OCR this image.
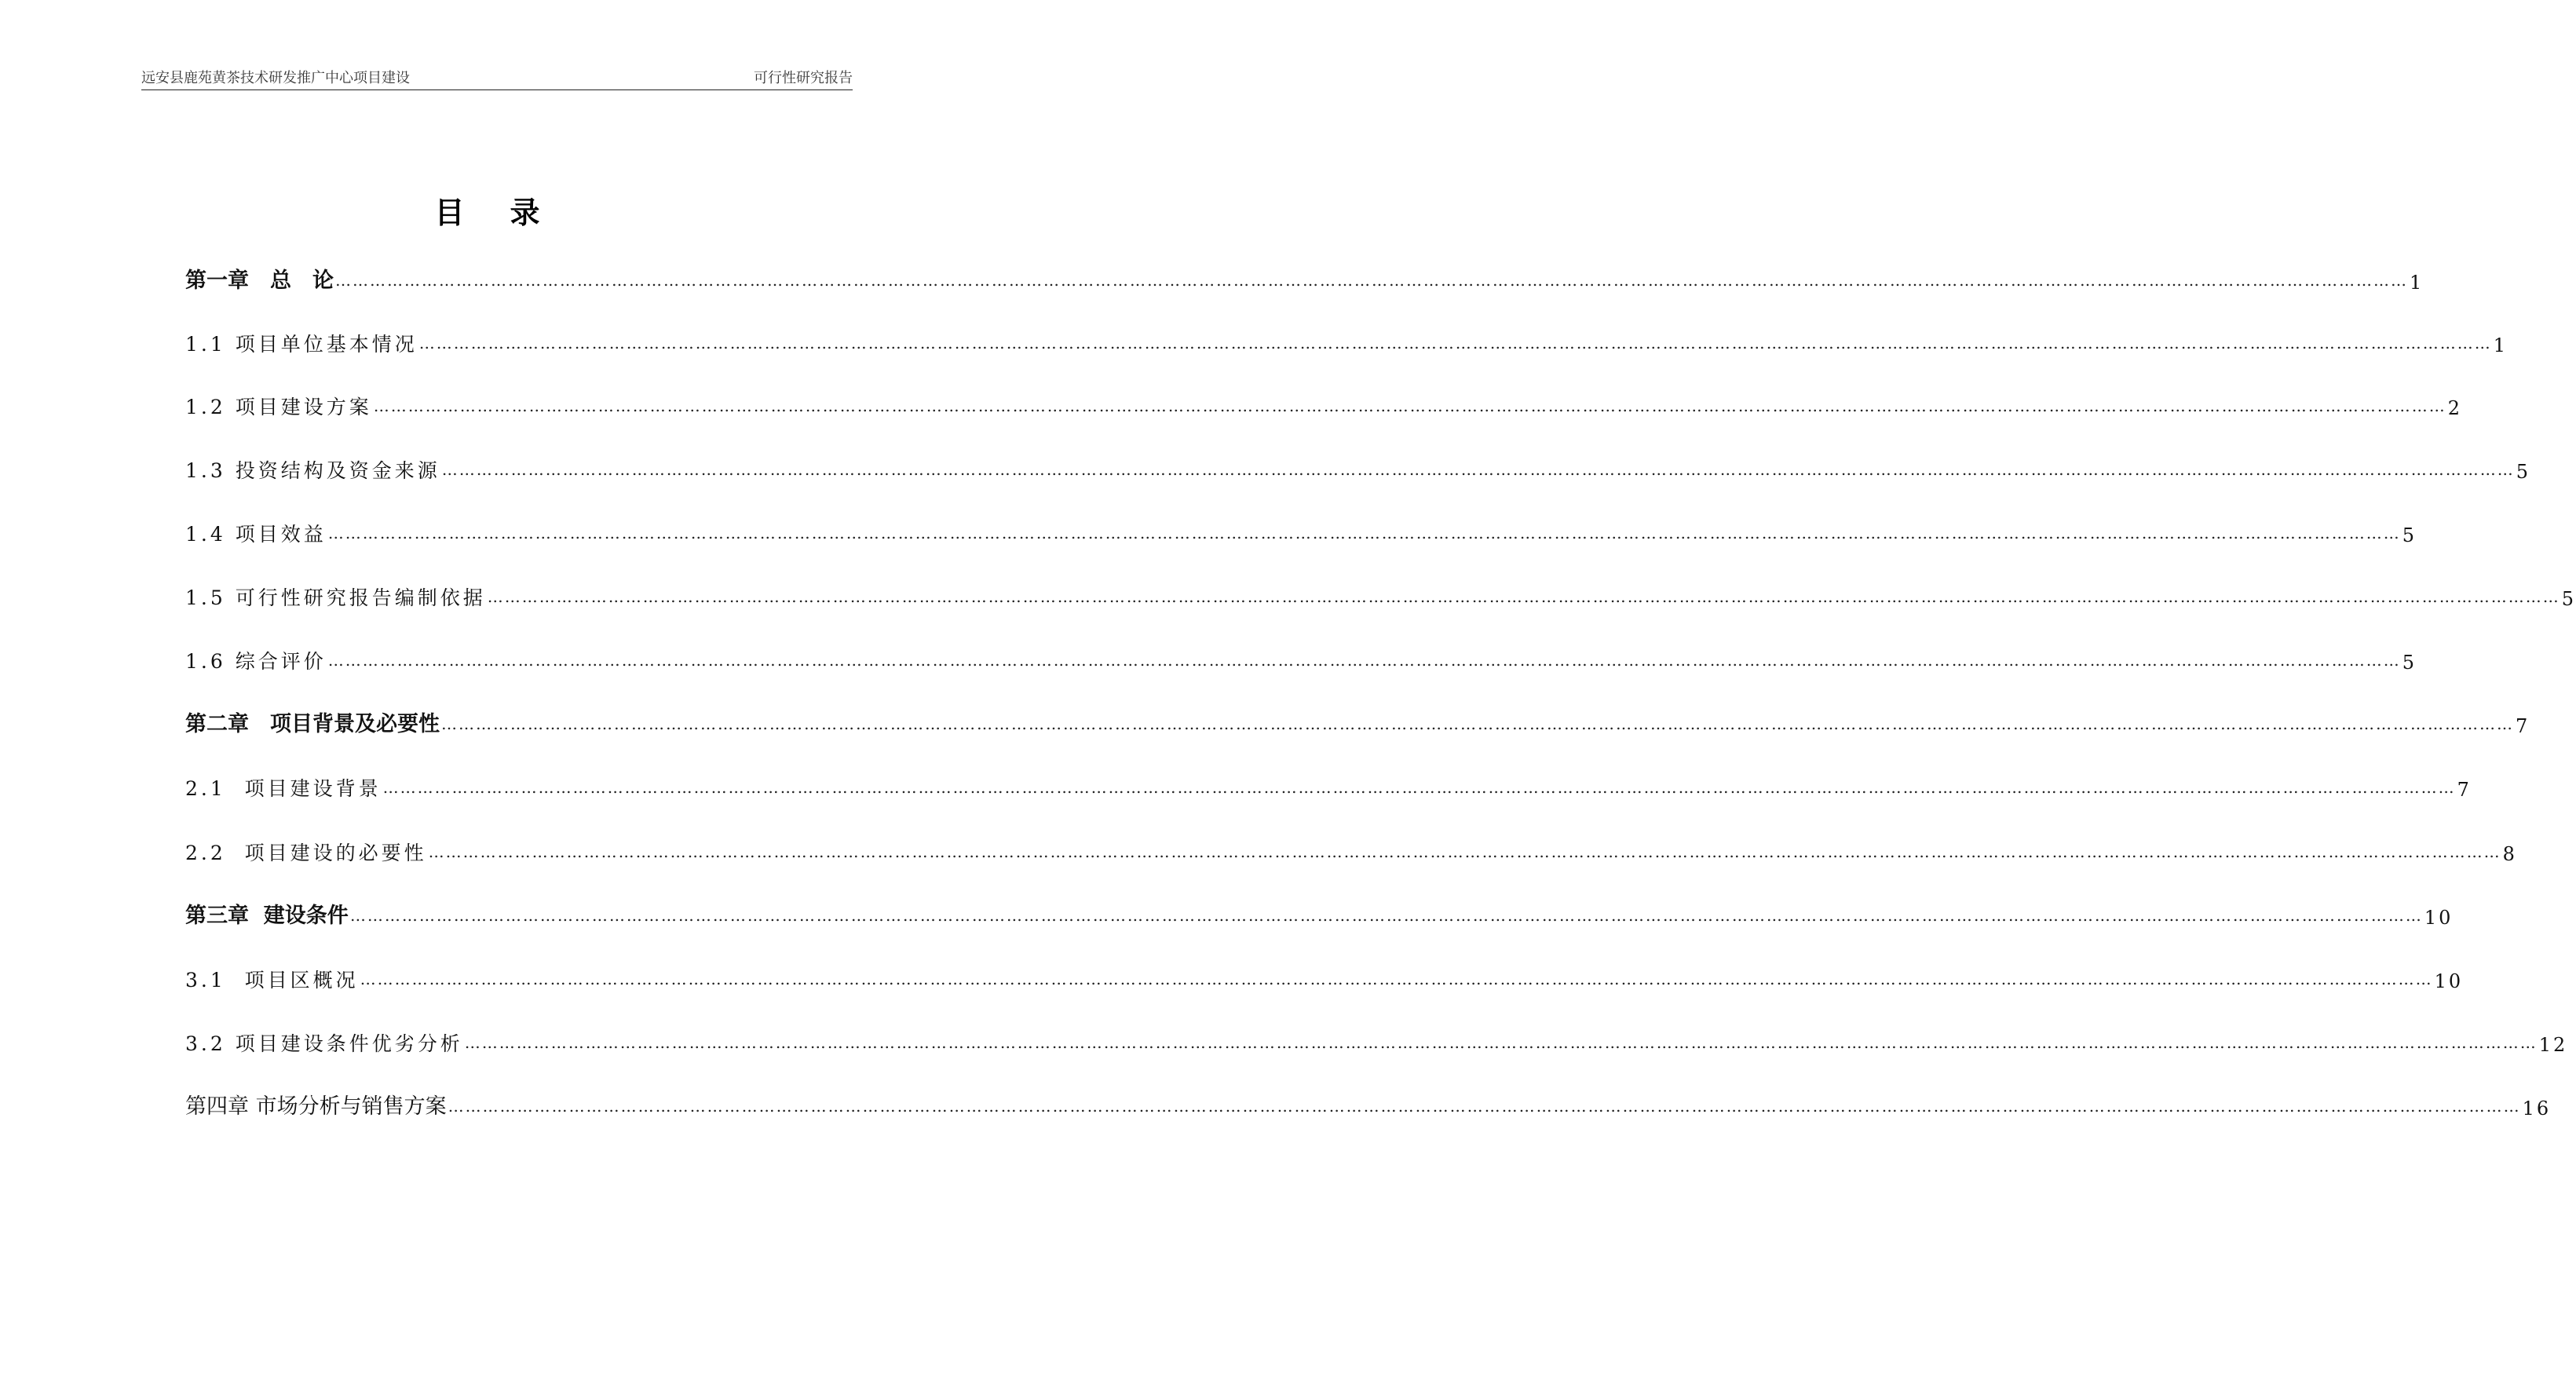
远安县鹿苑黄茶技术研发推广中心项目建设	可行性研究报告
目录
第一章　总　论 ……………………………………………………………………………………………………………………………………………………………………………………………………………………………………………………………………………………………………………………………… 1
1.1 项目单位基本情况 ……………………………………………………………………………………………………………………………………………………………………………………………………………………………………………………………………………………………………………………………… 1
1.2 项目建设方案 ……………………………………………………………………………………………………………………………………………………………………………………………………………………………………………………………………………………………………………………………… 2
1.3 投资结构及资金来源 ……………………………………………………………………………………………………………………………………………………………………………………………………………………………………………………………………………………………………………………………… 5
1.4 项目效益 ……………………………………………………………………………………………………………………………………………………………………………………………………………………………………………………………………………………………………………………………… 5
1.5 可行性研究报告编制依据 ……………………………………………………………………………………………………………………………………………………………………………………………………………………………………………………………………………………………………………………………… 5
1.6 综合评价 ……………………………………………………………………………………………………………………………………………………………………………………………………………………………………………………………………………………………………………………………… 5
第二章　项目背景及必要性 ……………………………………………………………………………………………………………………………………………………………………………………………………………………………………………………………………………………………………………………………… 7
2.1  项目建设背景 ……………………………………………………………………………………………………………………………………………………………………………………………………………………………………………………………………………………………………………………………… 7
2.2  项目建设的必要性 ……………………………………………………………………………………………………………………………………………………………………………………………………………………………………………………………………………………………………………………………… 8
第三章  建设条件 ……………………………………………………………………………………………………………………………………………………………………………………………………………………………………………………………………………………………………………………………… 10
3.1  项目区概况 ……………………………………………………………………………………………………………………………………………………………………………………………………………………………………………………………………………………………………………………………… 10
3.2 项目建设条件优劣分析 ……………………………………………………………………………………………………………………………………………………………………………………………………………………………………………………………………………………………………………………………… 12
第四章 市场分析与销售方案 ……………………………………………………………………………………………………………………………………………………………………………………………………………………………………………………………………………………………………………………………… 16
